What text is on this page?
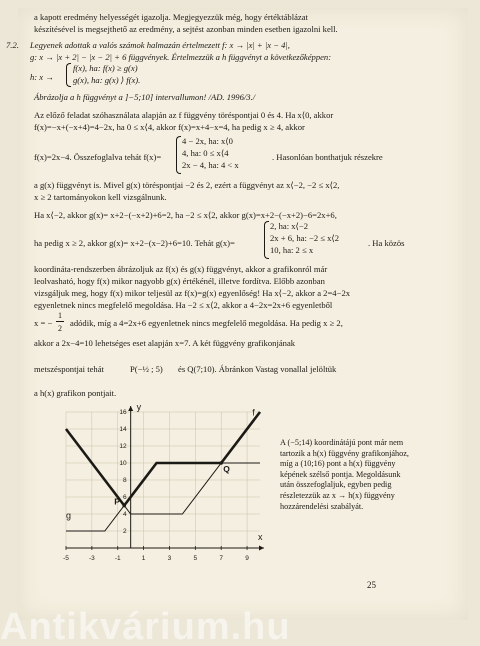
a kapott eredmény helyességét igazolja. Megjegyezzük még, hogy értéktáblázat
készítésével is megsejthető az eredmény, a sejtést azonban minden esetben igazolni kell.
7.2. Legyenek adottak a valós számok halmazán értelmezett f: x → |x| + |x − 4|,
g: x → |x + 2| − |x − 2| + 6 függvények. Értelmezzük a h függvényt a következőképpen:
h: x →
f(x), ha: f(x) ≥ g(x)
g(x), ha: g(x) ⟩ f(x).
Ábrázolja a h függvényt a ]−5;10] intervallumon! /AD. 1996/3./
Az előző feladat szóhasználata alapján az f függvény töréspontjai 0 és 4. Ha x⟨0, akkor
f(x)=−x+(−x+4)=4−2x, ha 0 ≤ x⟨4, akkor f(x)=x+4−x=4, ha pedig x ≥ 4, akkor
f(x)=2x−4. Összefoglalva tehát f(x)=
4 − 2x, ha: x⟨0
4, ha: 0 ≤ x⟨4
2x − 4, ha: 4 < x
. Hasonlóan bonthatjuk részekre
a g(x) függvényt is. Mivel g(x) töréspontjai −2 és 2, ezért a függvényt az x⟨−2, −2 ≤ x⟨2,
x ≥ 2 tartományokon kell vizsgálnunk.
Ha x⟨−2, akkor g(x)= x+2−(−x+2)+6=2, ha −2 ≤ x⟨2, akkor g(x)=x+2−(−x+2)−6=2x+6,
ha pedig x ≥ 2, akkor g(x)= x+2−(x−2)+6=10. Tehát g(x)=
2, ha: x⟨−2
2x + 6, ha: −2 ≤ x⟨2
10, ha: 2 ≤ x
. Ha közös
koordináta-rendszerben ábrázoljuk az f(x) és g(x) függvényt, akkor a grafikonról már
leolvasható, hogy f(x) mikor nagyobb g(x) értékénél, illetve fordítva. Előbb azonban
vizsgáljuk meg, hogy f(x) mikor teljesül az f(x)=g(x) egyenlőség! Ha x⟨−2, akkor a 2=4−2x
egyenletnek nincs megfelelő megoldása. Ha −2 ≤ x⟨2, akkor a 4−2x=2x+6 egyenletből
x = −
1
2
adódik, míg a 4=2x+6 egyenletnek nincs megfelelő megoldása. Ha pedig x ≥ 2,
akkor a 2x−4=10 lehetséges eset alapján x=7. A két függvény grafikonjának
metszéspontjai tehát	P(−½ ; 5) és Q(7;10). Ábránkon Vastag vonallal jelöltük
a h(x) grafikon pontjait.
x
y
-5	-3	-1	1	3	5	7	9
16
14
12
10
8
6
4
2
f
g
P
Q
A (−5;14) koordinátájú pont már nem tartozik a h(x) függvény grafikonjához, míg a (10;16) pont a h(x) függvény képének szélső pontja. Megoldásunk után összefoglaljuk, egyben pedig részletezzük az x → h(x) függvény hozzárendelési szabályát.
25
Antikvárium.hu
